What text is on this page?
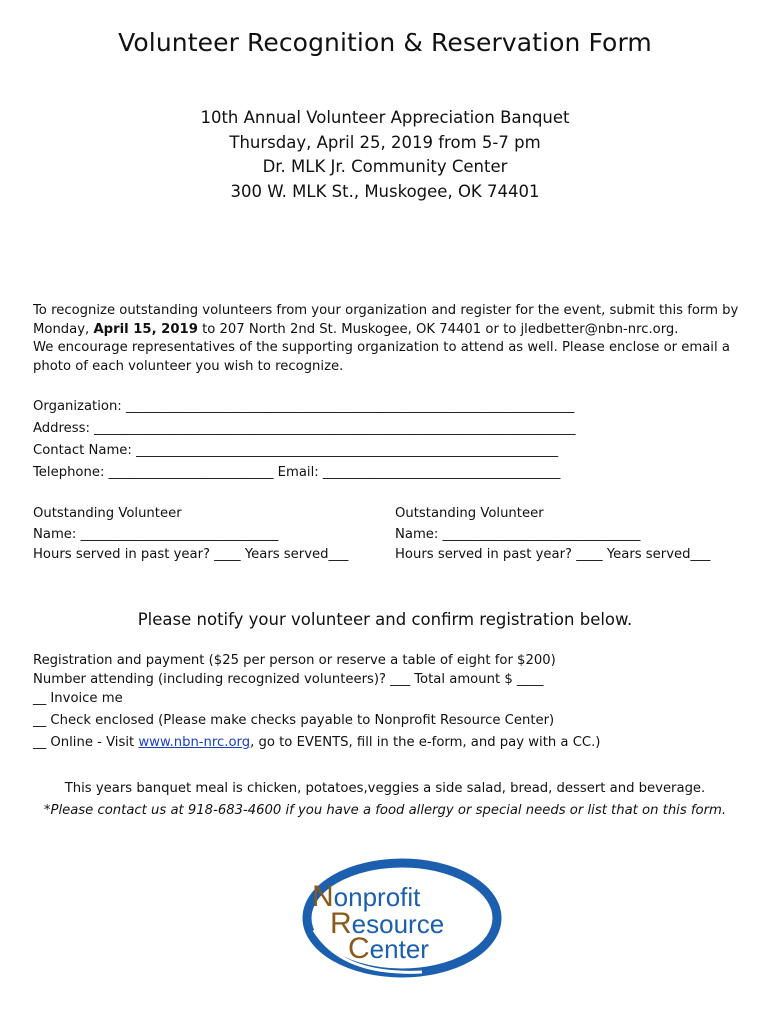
Volunteer Recognition & Reservation Form
10th Annual Volunteer Appreciation Banquet
Thursday, April 25, 2019 from 5-7 pm
Dr. MLK Jr. Community Center
300 W. MLK St., Muskogee, OK 74401

To recognize outstanding volunteers from your organization and register for the event, submit this form by Monday, April 15, 2019 to 207 North 2nd St. Muskogee, OK 74401 or to jledbetter@nbn-nrc.org.
We encourage representatives of the supporting organization to attend as well. Please enclose or email a photo of each volunteer you wish to recognize.

Organization: ____________________________________________________________________
Address: _________________________________________________________________________
Contact Name: ________________________________________________________________
Telephone: _________________________ Email: ____________________________________
Outstanding Volunteer
Name: ______________________________
Hours served in past year? ____ Years served___
Outstanding Volunteer
Name: ______________________________
Hours served in past year? ____ Years served___
Please notify your volunteer and confirm registration below.
Registration and payment ($25 per person or reserve a table of eight for $200)
Number attending (including recognized volunteers)? ___ Total amount $ ____
__ Invoice me
__ Check enclosed (Please make checks payable to Nonprofit Resource Center)
__ Online - Visit www.nbn-nrc.org, go to EVENTS, fill in the e-form, and pay with a CC.)
This years banquet meal is chicken, potatoes,veggies a side salad, bread, dessert and beverage.
*Please contact us at 918-683-4600 if you have a food allergy or special needs or list that on this form.
Nonprofit
Resource
Center
